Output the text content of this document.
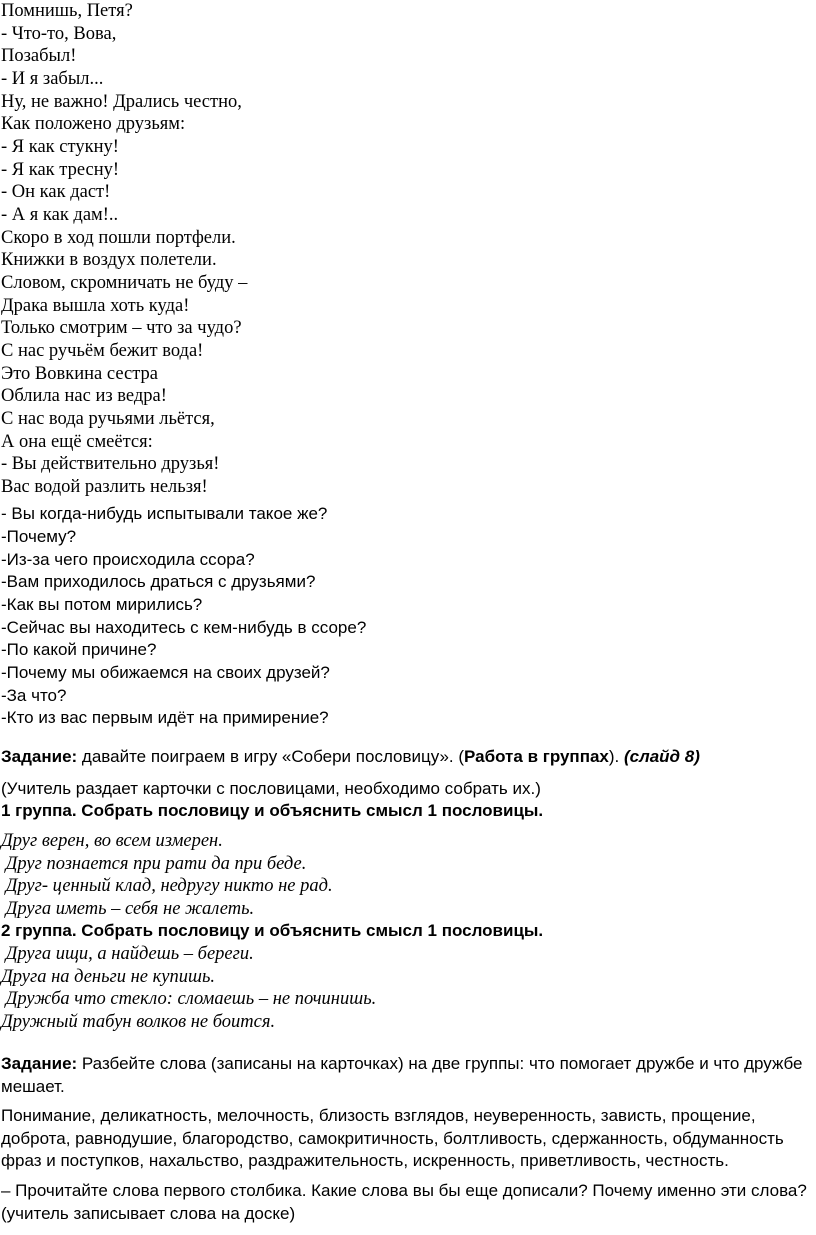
Помнишь, Петя?
- Что-то, Вова,
Позабыл!
- И я забыл...
Ну, не важно! Дрались честно,
Как положено друзьям:
- Я как стукну!
- Я как тресну!
- Он как даст!
- А я как дам!..
Скоро в ход пошли портфели.
Книжки в воздух полетели.
Словом, скромничать не буду –
Драка вышла хоть куда!
Только смотрим – что за чудо?
С нас ручьём бежит вода!
Это Вовкина сестра
Облила нас из ведра!
С нас вода ручьями льётся,
А она ещё смеётся:
- Вы действительно друзья!
Вас водой разлить нельзя!
- Вы когда-нибудь испытывали такое же?
-Почему?
-Из-за чего происходила ссора?
-Вам приходилось драться с друзьями?
-Как вы потом мирились?
-Сейчас вы находитесь с кем-нибудь в ссоре?
-По какой причине?
-Почему мы обижаемся на своих друзей?
-За что?
-Кто из вас первым идёт на примирение?
Задание: давайте поиграем в игру «Собери пословицу». (Работа в группах). (слайд 8)
(Учитель раздает карточки с пословицами, необходимо собрать их.)
1 группа. Собрать пословицу и объяснить смысл 1 пословицы.
Друг верен, во всем измерен.
Друг познается при рати да при беде.
Друг- ценный клад, недругу никто не рад.
Друга иметь – себя не жалеть.
2 группа. Собрать пословицу и объяснить смысл 1 пословицы.
Друга ищи, а найдешь – береги.
Друга на деньги не купишь.
Дружба что стекло: сломаешь – не починишь.
Дружный табун волков не боится.
Задание: Разбейте слова (записаны на карточках) на две группы: что помогает дружбе и что дружбе мешает.
Понимание, деликатность, мелочность, близость взглядов, неуверенность, зависть, прощение, доброта, равнодушие, благородство, самокритичность, болтливость, сдержанность, обдуманность фраз и поступков, нахальство, раздражительность, искренность, приветливость, честность.
– Прочитайте слова первого столбика. Какие слова вы бы еще дописали? Почему именно эти слова? (учитель записывает слова на доске)
